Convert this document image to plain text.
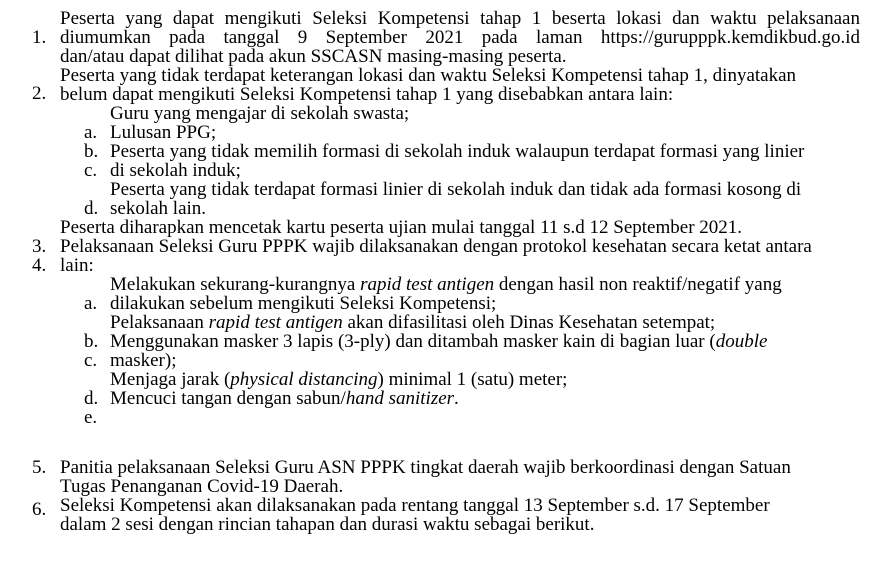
1.
Peserta yang dapat mengikuti Seleksi Kompetensi tahap 1 beserta lokasi dan waktu pelaksanaan
diumumkan pada tanggal 9 September 2021 pada laman https://gurupppk.kemdikbud.go.id
dan/atau dapat dilihat pada akun SSCASN masing-masing peserta.
2.
Peserta yang tidak terdapat keterangan lokasi dan waktu Seleksi Kompetensi tahap 1, dinyatakan
belum dapat mengikuti Seleksi Kompetensi tahap 1 yang disebabkan antara lain:
a.
Guru yang mengajar di sekolah swasta;
b.
Lulusan PPG;
c.
Peserta yang tidak memilih formasi di sekolah induk walaupun terdapat formasi yang linier
di sekolah induk;
d.
Peserta yang tidak terdapat formasi linier di sekolah induk dan tidak ada formasi kosong di
sekolah lain.
3.
Peserta diharapkan mencetak kartu peserta ujian mulai tanggal 11 s.d 12 September 2021.
4.
Pelaksanaan Seleksi Guru PPPK wajib dilaksanakan dengan protokol kesehatan secara ketat antara
lain:
a.
Melakukan sekurang-kurangnya rapid test antigen dengan hasil non reaktif/negatif yang
dilakukan sebelum mengikuti Seleksi Kompetensi;
b.
Pelaksanaan rapid test antigen akan difasilitasi oleh Dinas Kesehatan setempat;
c.
Menggunakan masker 3 lapis (3-ply) dan ditambah masker kain di bagian luar (double
masker);
d.
Menjaga jarak (physical distancing) minimal 1 (satu) meter;
e.
Mencuci tangan dengan sabun/hand sanitizer.
5. Panitia pelaksanaan Seleksi Guru ASN PPPK tingkat daerah wajib berkoordinasi dengan Satuan
Tugas Penanganan Covid-19 Daerah.
6. Seleksi Kompetensi akan dilaksanakan pada rentang tanggal 13 September s.d. 17 September
dalam 2 sesi dengan rincian tahapan dan durasi waktu sebagai berikut.
